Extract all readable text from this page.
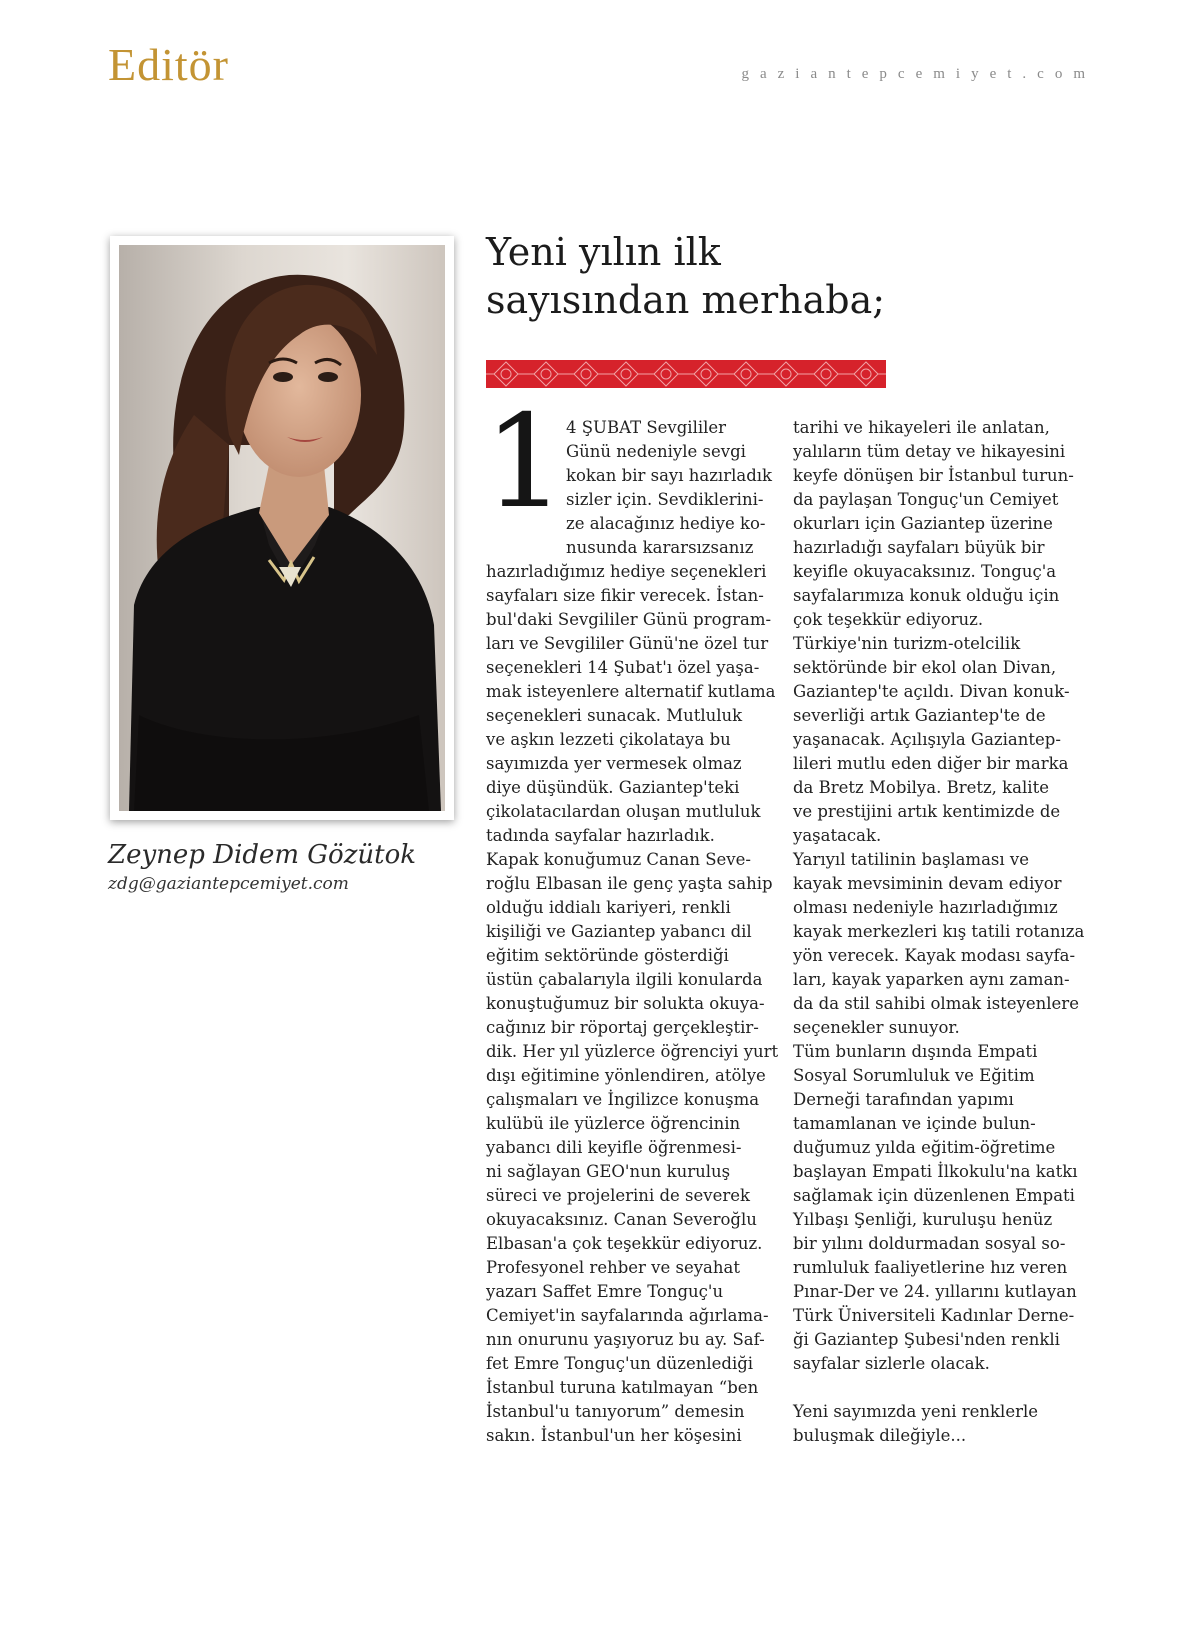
Editör	gaziantepcemiyet.com
Zeynep Didem Gözütok
zdg@gaziantepcemiyet.com
Yeni yılın ilk
sayısından merhaba;
1 4 ŞUBAT Sevgililer
Günü nedeniyle sevgi
kokan bir sayı hazırladık
sizler için. Sevdiklerini-
ze alacağınız hediye ko-
nusunda kararsızsanız
hazırladığımız hediye seçenekleri
sayfaları size fikir verecek. İstan-
bul'daki Sevgililer Günü program-
ları ve Sevgililer Günü'ne özel tur
seçenekleri 14 Şubat'ı özel yaşa-
mak isteyenlere alternatif kutlama
seçenekleri sunacak. Mutluluk
ve aşkın lezzeti çikolataya bu
sayımızda yer vermesek olmaz
diye düşündük. Gaziantep'teki
çikolatacılardan oluşan mutluluk
tadında sayfalar hazırladık.
Kapak konuğumuz Canan Seve-
roğlu Elbasan ile genç yaşta sahip
olduğu iddialı kariyeri, renkli
kişiliği ve Gaziantep yabancı dil
eğitim sektöründe gösterdiği
üstün çabalarıyla ilgili konularda
konuştuğumuz bir solukta okuya-
cağınız bir röportaj gerçekleştir-
dik. Her yıl yüzlerce öğrenciyi yurt
dışı eğitimine yönlendiren, atölye
çalışmaları ve İngilizce konuşma
kulübü ile yüzlerce öğrencinin
yabancı dili keyifle öğrenmesi-
ni sağlayan GEO'nun kuruluş
süreci ve projelerini de severek
okuyacaksınız. Canan Severoğlu
Elbasan'a çok teşekkür ediyoruz.
Profesyonel rehber ve seyahat
yazarı Saffet Emre Tonguç'u
Cemiyet'in sayfalarında ağırlama-
nın onurunu yaşıyoruz bu ay. Saf-
fet Emre Tonguç'un düzenlediği
İstanbul turuna katılmayan “ben
İstanbul'u tanıyorum” demesin
sakın. İstanbul'un her köşesini
tarihi ve hikayeleri ile anlatan,
yalıların tüm detay ve hikayesini
keyfe dönüşen bir İstanbul turun-
da paylaşan Tonguç'un Cemiyet
okurları için Gaziantep üzerine
hazırladığı sayfaları büyük bir
keyifle okuyacaksınız. Tonguç'a
sayfalarımıza konuk olduğu için
çok teşekkür ediyoruz.
Türkiye'nin turizm-otelcilik
sektöründe bir ekol olan Divan,
Gaziantep'te açıldı. Divan konuk-
severliği artık Gaziantep'te de
yaşanacak. Açılışıyla Gaziantep-
lileri mutlu eden diğer bir marka
da Bretz Mobilya. Bretz, kalite
ve prestijini artık kentimizde de
yaşatacak.
Yarıyıl tatilinin başlaması ve
kayak mevsiminin devam ediyor
olması nedeniyle hazırladığımız
kayak merkezleri kış tatili rotanıza
yön verecek. Kayak modası sayfa-
ları, kayak yaparken aynı zaman-
da da stil sahibi olmak isteyenlere
seçenekler sunuyor.
Tüm bunların dışında Empati
Sosyal Sorumluluk ve Eğitim
Derneği tarafından yapımı
tamamlanan ve içinde bulun-
duğumuz yılda eğitim-öğretime
başlayan Empati İlkokulu'na katkı
sağlamak için düzenlenen Empati
Yılbaşı Şenliği, kuruluşu henüz
bir yılını doldurmadan sosyal so-
rumluluk faaliyetlerine hız veren
Pınar-Der ve 24. yıllarını kutlayan
Türk Üniversiteli Kadınlar Derne-
ği Gaziantep Şubesi'nden renkli
sayfalar sizlerle olacak.
Yeni sayımızda yeni renklerle
buluşmak dileğiyle...
